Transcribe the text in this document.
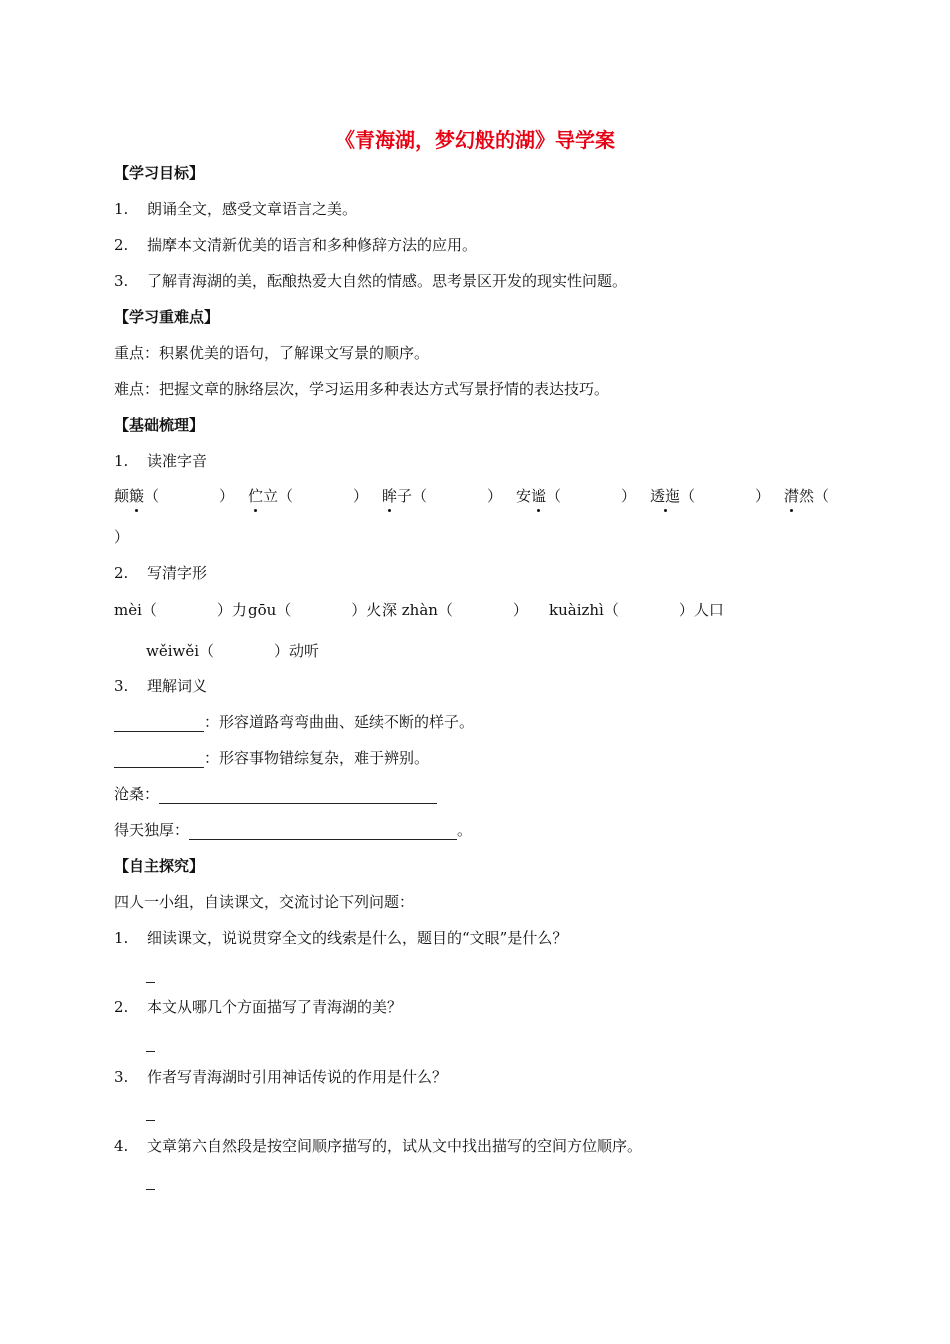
《青海湖，梦幻般的湖》导学案
【学习目标】
1. 朗诵全文，感受文章语言之美。
2. 揣摩本文清新优美的语言和多种修辞方法的应用。
3. 了解青海湖的美，酝酿热爱大自然的情感。思考景区开发的现实性问题。
【学习重难点】
重点：积累优美的语句，了解课文写景的顺序。
难点：把握文章的脉络层次，学习运用多种表达方式写景抒情的表达技巧。
【基础梳理】
1. 读准字音
颠簸（　　　　） 伫立（　　　　） 眸子（　　　　） 安谧（　　　　） 透迤（　　　　） 潸然（
）
2. 写清字形
mèi（　　　　）力 gōu（　　　　）火 深 zhàn（　　　　） kuàizhì（　　　　）人口
wěiwěi（　　　　）动听
3. 理解词义
：形容道路弯弯曲曲、延续不断的样子。
：形容事物错综复杂，难于辨别。
沧桑：
得天独厚：	。
【自主探究】
四人一小组，自读课文，交流讨论下列问题：
1. 细读课文，说说贯穿全文的线索是什么，题目的“文眼”是什么？
2. 本文从哪几个方面描写了青海湖的美？
3. 作者写青海湖时引用神话传说的作用是什么？
4. 文章第六自然段是按空间顺序描写的，试从文中找出描写的空间方位顺序。
